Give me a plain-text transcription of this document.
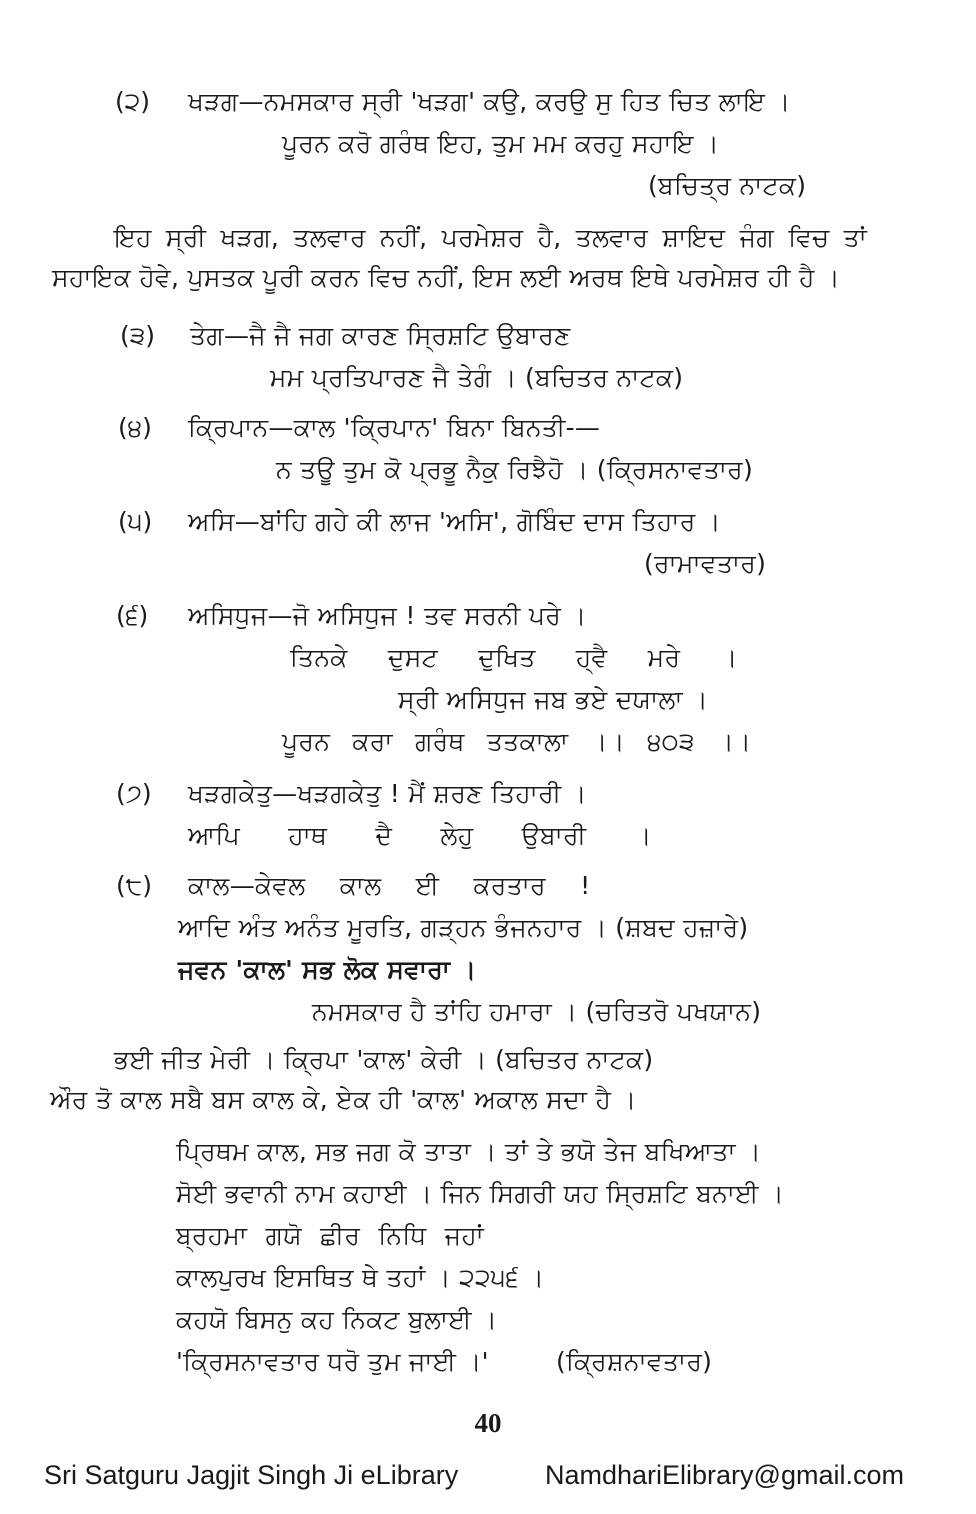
(੨) ਖੜਗ—ਨਮਸਕਾਰ ਸ੍ਰੀ 'ਖੜਗ' ਕਉ, ਕਰਉ ਸੁ ਹਿਤ ਚਿਤ ਲਾਇ ।
ਪੂਰਨ ਕਰੋ ਗਰੰਥ ਇਹ, ਤੁਮ ਮਮ ਕਰਹੁ ਸਹਾਇ ।
(ਬਚਿਤ੍ਰ ਨਾਟਕ)
ਇਹ ਸ੍ਰੀ ਖੜਗ, ਤਲਵਾਰ ਨਹੀਂ, ਪਰਮੇਸ਼ਰ ਹੈ, ਤਲਵਾਰ ਸ਼ਾਇਦ ਜੰਗ ਵਿਚ ਤਾਂ
ਸਹਾਇਕ ਹੋਵੇ, ਪੁਸਤਕ ਪੂਰੀ ਕਰਨ ਵਿਚ ਨਹੀਂ, ਇਸ ਲਈ ਅਰਥ ਇਥੇ ਪਰਮੇਸ਼ਰ ਹੀ ਹੈ ।
(੩) ਤੇਗ—ਜੈ ਜੈ ਜਗ ਕਾਰਣ ਸ੍ਰਿਸ਼ਟਿ ਉਬਾਰਣ
ਮਮ ਪ੍ਰਤਿਪਾਰਣ ਜੈ ਤੇਗੰ । (ਬਚਿਤਰ ਨਾਟਕ)
(੪) ਕ੍ਰਿਪਾਨ—ਕਾਲ 'ਕ੍ਰਿਪਾਨ' ਬਿਨਾ ਬਿਨਤੀ-—
ਨ ਤਊ ਤੁਮ ਕੋ ਪ੍ਰਭੂ ਨੈਕੁ ਰਿਝੈਹੋ । (ਕ੍ਰਿਸਨਾਵਤਾਰ)
(੫) ਅਸਿ—ਬਾਂਹਿ ਗਹੇ ਕੀ ਲਾਜ 'ਅਸਿ', ਗੋਬਿੰਦ ਦਾਸ ਤਿਹਾਰ ।
(ਰਾਮਾਵਤਾਰ)
(੬) ਅਸਿਧੁਜ—ਜੋ ਅਸਿਧੁਜ ! ਤਵ ਸਰਨੀ ਪਰੇ ।
ਤਿਨਕੇ ਦੁਸਟ ਦੁਖਿਤ ਹ੍ਵੈ ਮਰੇ ।
ਸ੍ਰੀ ਅਸਿਧੁਜ ਜਬ ਭਏ ਦਯਾਲਾ ।
ਪੂਰਨ ਕਰਾ ਗਰੰਥ ਤਤਕਾਲਾ ।। ੪੦੩ ।।
(੭) ਖੜਗਕੇਤੁ—ਖੜਗਕੇਤੁ ! ਮੈਂ ਸ਼ਰਣ ਤਿਹਾਰੀ ।
ਆਪਿ ਹਾਥ ਦੈ ਲੇਹੁ ਉਬਾਰੀ ।
(੮) ਕਾਲ—ਕੇਵਲ ਕਾਲ ਈ ਕਰਤਾਰ !
ਆਦਿ ਅੰਤ ਅਨੰਤ ਮੂਰਤਿ, ਗੜ੍ਹਨ ਭੰਜਨਹਾਰ । (ਸ਼ਬਦ ਹਜ਼ਾਰੇ)
ਜਵਨ 'ਕਾਲ' ਸਭ ਲੋਕ ਸਵਾਰਾ ।
ਨਮਸਕਾਰ ਹੈ ਤਾਂਹਿ ਹਮਾਰਾ । (ਚਰਿਤਰੋ ਪਖਯਾਨ)
ਭਈ ਜੀਤ ਮੇਰੀ । ਕ੍ਰਿਪਾ 'ਕਾਲ' ਕੇਰੀ । (ਬਚਿਤਰ ਨਾਟਕ)
ਔਰ ਤੋ ਕਾਲ ਸਬੈ ਬਸ ਕਾਲ ਕੇ, ਏਕ ਹੀ 'ਕਾਲ' ਅਕਾਲ ਸਦਾ ਹੈ ।
ਪ੍ਰਿਥਮ ਕਾਲ, ਸਭ ਜਗ ਕੋ ਤਾਤਾ । ਤਾਂ ਤੇ ਭਯੋ ਤੇਜ ਬਖਿਆਤਾ ।
ਸੋਈ ਭਵਾਨੀ ਨਾਮ ਕਹਾਈ । ਜਿਨ ਸਿਗਰੀ ਯਹ ਸ੍ਰਿਸ਼ਟਿ ਬਨਾਈ ।
ਬ੍ਰਹਮਾ ਗਯੋ ਛੀਰ ਨਿਧਿ ਜਹਾਂ
ਕਾਲਪੁਰਖ ਇਸਥਿਤ ਥੇ ਤਹਾਂ । ੨੨੫੬ ।
ਕਹਯੋ ਬਿਸਨੁ ਕਹ ਨਿਕਟ ਬੁਲਾਈ ।
'ਕ੍ਰਿਸਨਾਵਤਾਰ ਧਰੋ ਤੁਮ ਜਾਈ ।'	(ਕ੍ਰਿਸ਼ਨਾਵਤਾਰ)
40
Sri Satguru Jagjit Singh Ji eLibrary	NamdhariElibrary@gmail.com
